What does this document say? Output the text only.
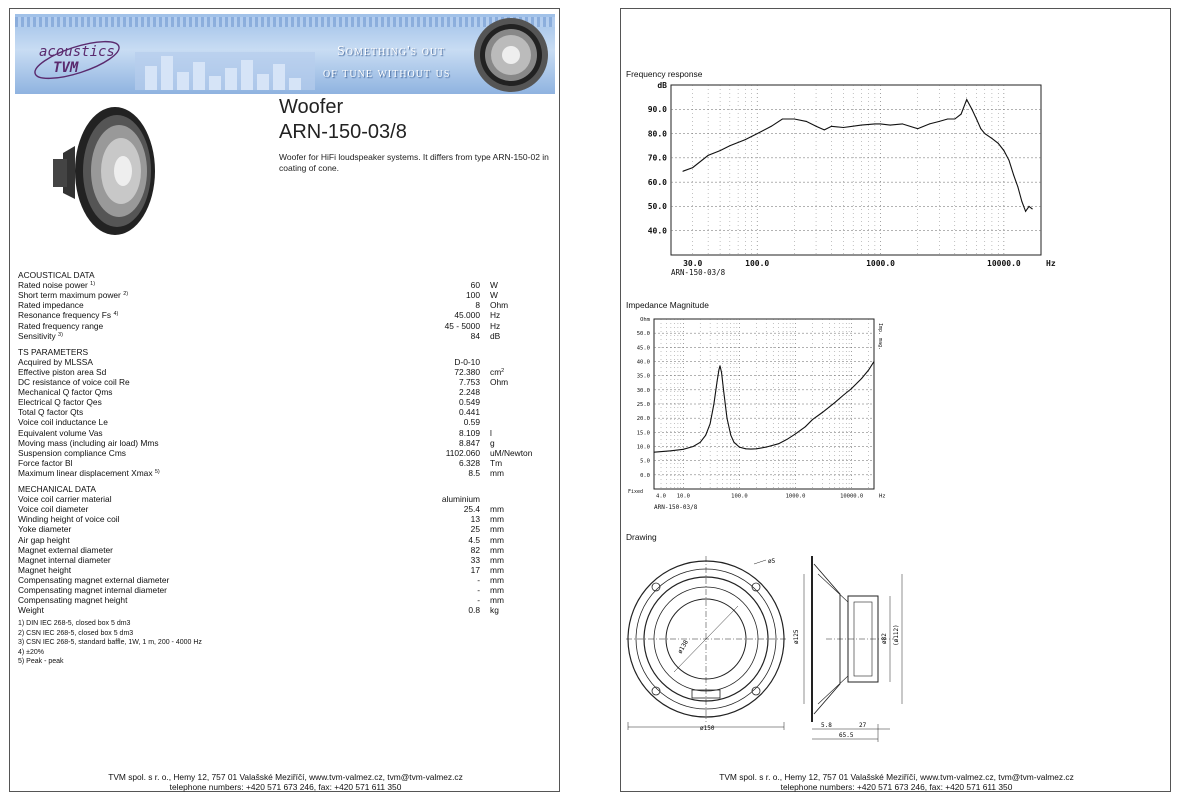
acoustics
TVM
Something's out
of tune without us
Woofer
ARN-150-03/8
Woofer for HiFi loudspeaker systems. It differs from type ARN-150-02 in coating of cone.
ACOUSTICAL DATA
Rated noise power $^{1)}$	60 W
Short term maximum power $^{2)}$	100 W
Rated impedance	8 Ohm
Resonance frequency Fs $^{4)}$	45.000 Hz
Rated frequency range	45 - 5000 Hz
Sensitivity $^{3)}$	84 dB
TS PARAMETERS
Acquired by MLSSA	D-0-10
Effective piston area Sd	72.380 $cm^2$
DC resistance of voice coil Re	7.753 Ohm
Mechanical Q factor Qms	2.248
Electrical Q factor Qes	0.549
Total Q factor Qts	0.441
Voice coil inductance Le	0.59
Equivalent volume Vas	8.109 l
Moving mass (including air load) Mms	8.847 g
Suspension compliance Cms	1102.060 uM/Newton
Force factor Bl	6.328 Tm
Maximum linear displacement Xmax $^{5)}$	8.5 mm
MECHANICAL DATA
Voice coil carrier material	aluminium
Voice coil diameter	25.4 mm
Winding height of voice coil	13 mm
Yoke diameter	25 mm
Air gap height	4.5 mm
Magnet external diameter	82 mm
Magnet internal diameter	33 mm
Magnet height	17 mm
Compensating magnet external diameter	- mm
Compensating magnet internal diameter	- mm
Compensating magnet height	- mm
Weight	0.8 kg
1) DIN IEC 268-5, closed box 5 dm3
2) CSN IEC 268-5, closed box 5 dm3
3) CSN IEC 268-5, standard baffle, 1W, 1 m, 200 - 4000 Hz
4) ±20%
5) Peak - peak
TVM spol. s r. o., Hemy 12, 757 01 Valašské Meziříčí, www.tvm-valmez.cz, tvm@tvm-valmez.cz
telephone numbers: +420 571 673 246, fax: +420 571 611 350
Frequency response
40.0
50.0
60.0
70.0
80.0
90.0
30.0	100.0	1000.0	10000.0
dB
Hz
ARN-150-03/8
Impedance Magnitude
0.0
5.0
10.0
15.0
20.0
25.0
30.0
35.0
40.0
45.0
50.0
4.0 10.0	100.0	1000.0	10000.0
Ohm
Hz
Fixed
ARN-150-03/8
Imp. mag.
Drawing
ø150
ø138
ø5
ø125	ø82 (ø112)
5.8	27
65.5
TVM spol. s r. o., Hemy 12, 757 01 Valašské Meziříčí, www.tvm-valmez.cz, tvm@tvm-valmez.cz
telephone numbers: +420 571 673 246, fax: +420 571 611 350
